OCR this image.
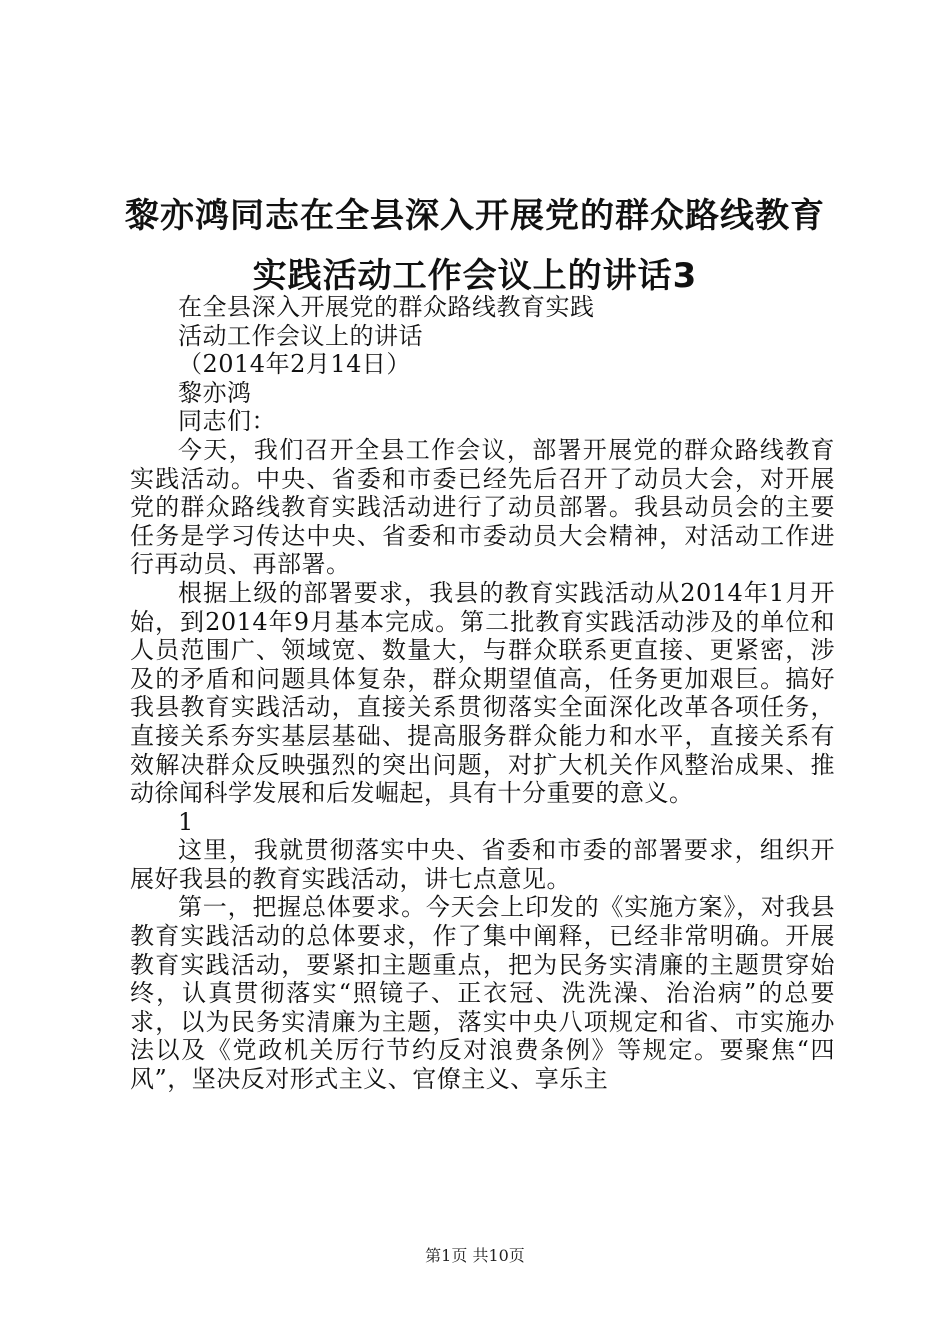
黎亦鸿同志在全县深入开展党的群众路线教育
实践活动工作会议上的讲话3

在全县深入开展党的群众路线教育实践

活动工作会议上的讲话

（2014年2月14日）

黎亦鸿

同志们：

今天，我们召开全县工作会议，部署开展党的群众路线教育实践活动。中央、省委和市委已经先后召开了动员大会，对开展党的群众路线教育实践活动进行了动员部署。我县动员会的主要任务是学习传达中央、省委和市委动员大会精神，对活动工作进行再动员、再部署。

根据上级的部署要求，我县的教育实践活动从2014年1月开始，到2014年9月基本完成。第二批教育实践活动涉及的单位和人员范围广、领域宽、数量大，与群众联系更直接、更紧密，涉及的矛盾和问题具体复杂，群众期望值高，任务更加艰巨。搞好我县教育实践活动，直接关系贯彻落实全面深化改革各项任务，直接关系夯实基层基础、提高服务群众能力和水平，直接关系有效解决群众反映强烈的突出问题，对扩大机关作风整治成果、推动徐闻科学发展和后发崛起，具有十分重要的意义。

1

这里，我就贯彻落实中央、省委和市委的部署要求，组织开展好我县的教育实践活动，讲七点意见。

第一，把握总体要求。今天会上印发的《实施方案》，对我县教育实践活动的总体要求，作了集中阐释，已经非常明确。开展教育实践活动，要紧扣主题重点，把为民务实清廉的主题贯穿始终，认真贯彻落实“照镜子、正衣冠、洗洗澡、治治病”的总要求，以为民务实清廉为主题，落实中央八项规定和省、市实施办法以及《党政机关厉行节约反对浪费条例》等规定。要聚焦“四风”，坚决反对形式主义、官僚主义、享乐主

第1页 共10页
